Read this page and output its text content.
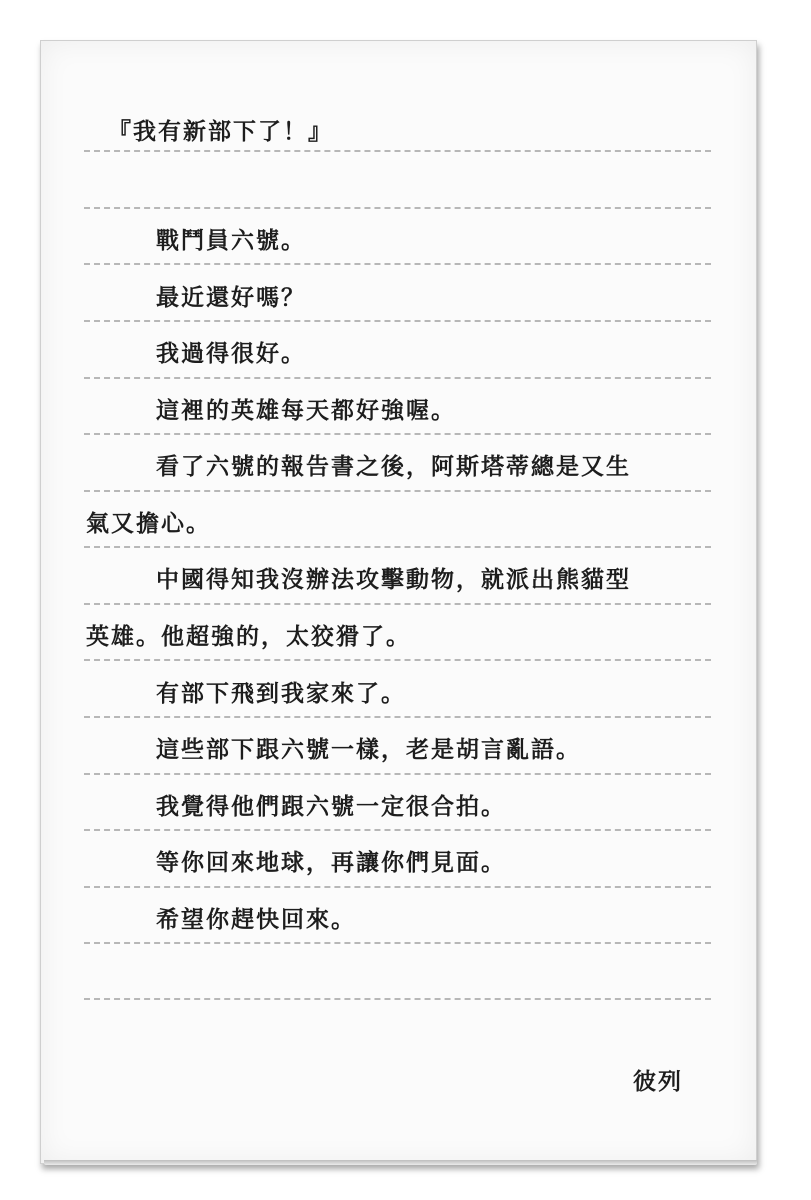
『我有新部下了！』
戰鬥員六號。
最近還好嗎？
我過得很好。
這裡的英雄每天都好強喔。
看了六號的報告書之後，阿斯塔蒂總是又生
氣又擔心。
中國得知我沒辦法攻擊動物，就派出熊貓型
英雄。他超強的，太狡猾了。
有部下飛到我家來了。
這些部下跟六號一樣，老是胡言亂語。
我覺得他們跟六號一定很合拍。
等你回來地球，再讓你們見面。
希望你趕快回來。
彼列
